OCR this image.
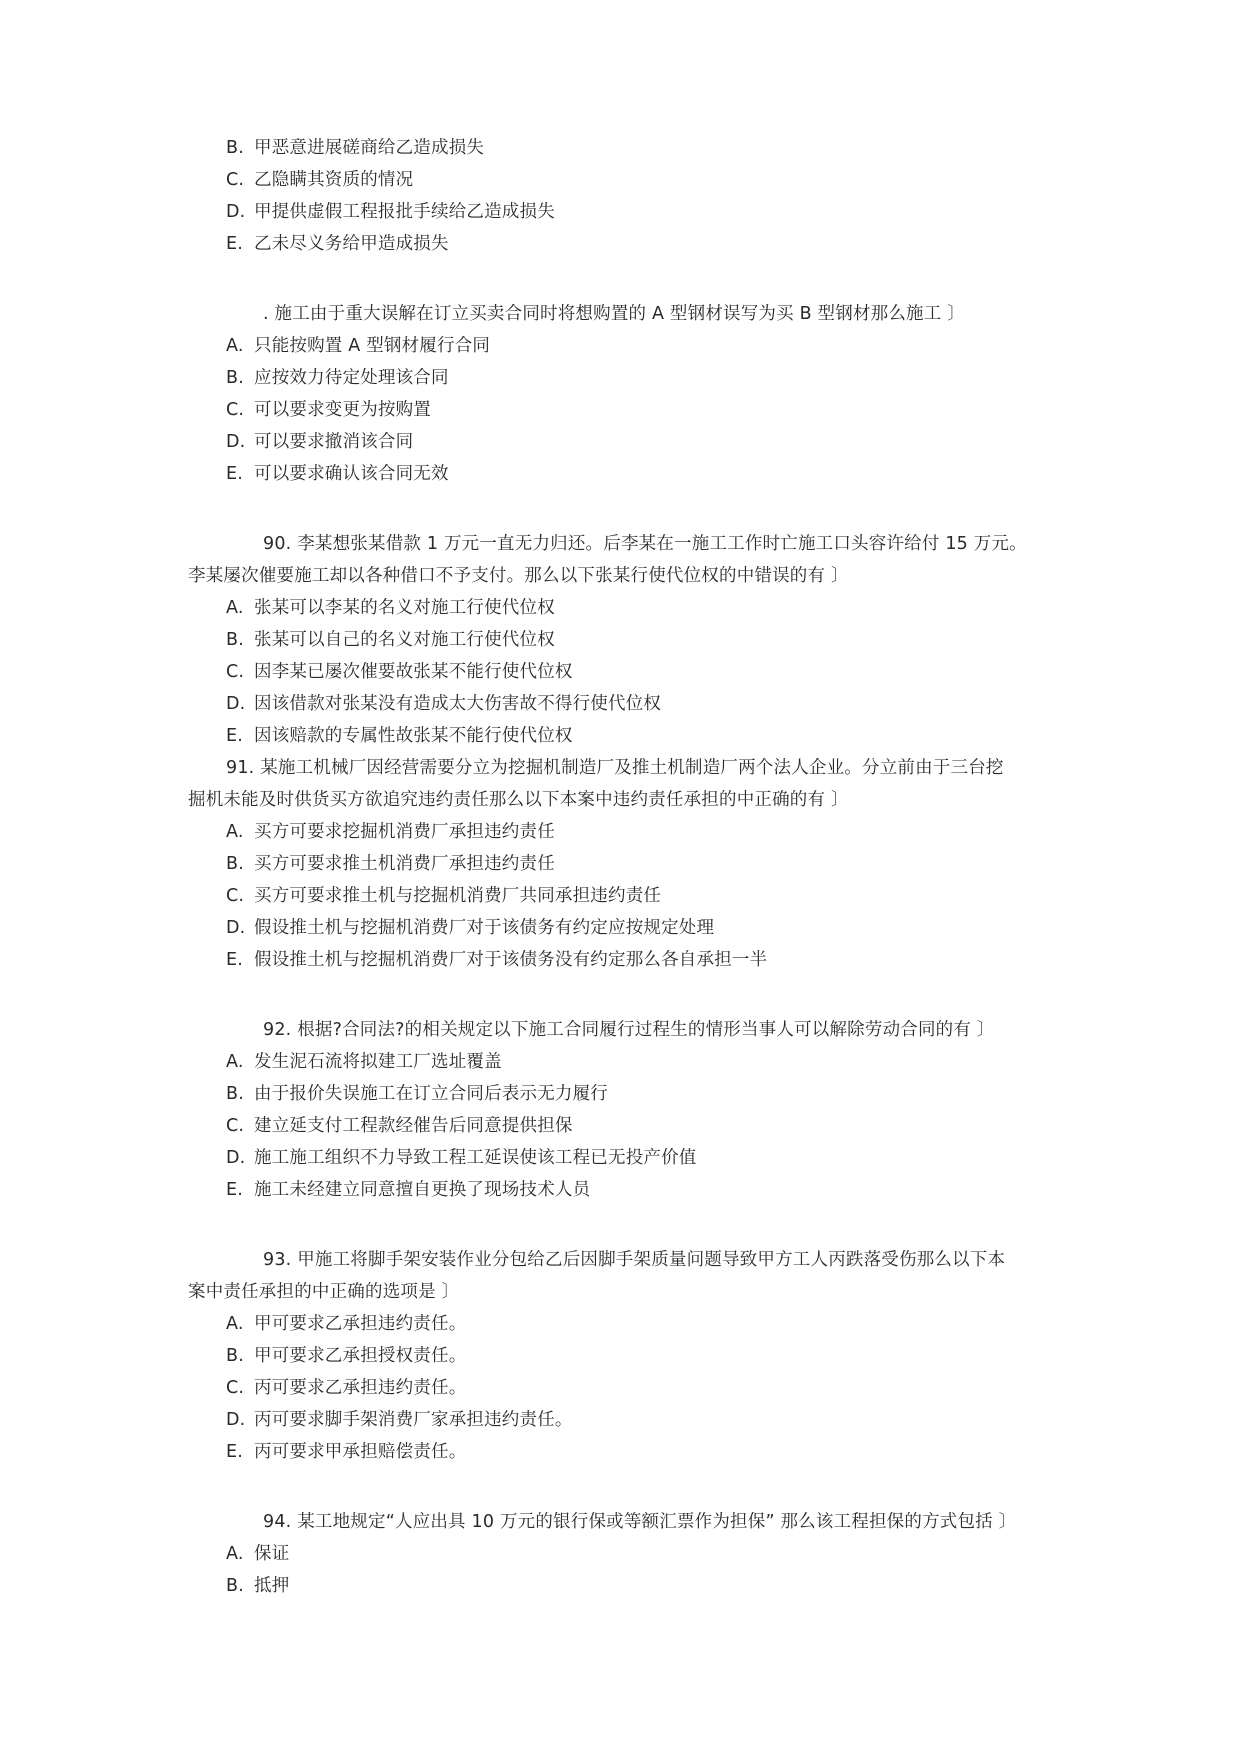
B. 甲恶意进展磋商给乙造成损失
C. 乙隐瞒其资质的情况
D. 甲提供虚假工程报批手续给乙造成损失
E. 乙未尽义务给甲造成损失
. 施工由于重大误解在订立买卖合同时将想购置的 A 型钢材误写为买 B 型钢材那么施工 〕
A. 只能按购置 A 型钢材履行合同
B. 应按效力待定处理该合同
C. 可以要求变更为按购置
D. 可以要求撤消该合同
E. 可以要求确认该合同无效
90. 李某想张某借款 1 万元一直无力归还。后李某在一施工工作时亡施工口头容许给付 15 万元。
李某屡次催要施工却以各种借口不予支付。那么以下张某行使代位权的中错误的有 〕
A. 张某可以李某的名义对施工行使代位权
B. 张某可以自己的名义对施工行使代位权
C. 因李某已屡次催要故张某不能行使代位权
D. 因该借款对张某没有造成太大伤害故不得行使代位权
E. 因该赔款的专属性故张某不能行使代位权
91. 某施工机械厂因经营需要分立为挖掘机制造厂及推土机制造厂两个法人企业。分立前由于三台挖
掘机未能及时供货买方欲追究违约责任那么以下本案中违约责任承担的中正确的有 〕
A. 买方可要求挖掘机消费厂承担违约责任
B. 买方可要求推土机消费厂承担违约责任
C. 买方可要求推土机与挖掘机消费厂共同承担违约责任
D. 假设推土机与挖掘机消费厂对于该债务有约定应按规定处理
E. 假设推土机与挖掘机消费厂对于该债务没有约定那么各自承担一半
92. 根据?合同法?的相关规定以下施工合同履行过程生的情形当事人可以解除劳动合同的有 〕
A. 发生泥石流将拟建工厂选址覆盖
B. 由于报价失误施工在订立合同后表示无力履行
C. 建立延支付工程款经催告后同意提供担保
D. 施工施工组织不力导致工程工延误使该工程已无投产价值
E. 施工未经建立同意擅自更换了现场技术人员
93. 甲施工将脚手架安装作业分包给乙后因脚手架质量问题导致甲方工人丙跌落受伤那么以下本
案中责任承担的中正确的选项是 〕
A. 甲可要求乙承担违约责任。
B. 甲可要求乙承担授权责任。
C. 丙可要求乙承担违约责任。
D. 丙可要求脚手架消费厂家承担违约责任。
E. 丙可要求甲承担赔偿责任。
94. 某工地规定“人应出具 10 万元的银行保或等额汇票作为担保” 那么该工程担保的方式包括 〕
A. 保证
B. 抵押
